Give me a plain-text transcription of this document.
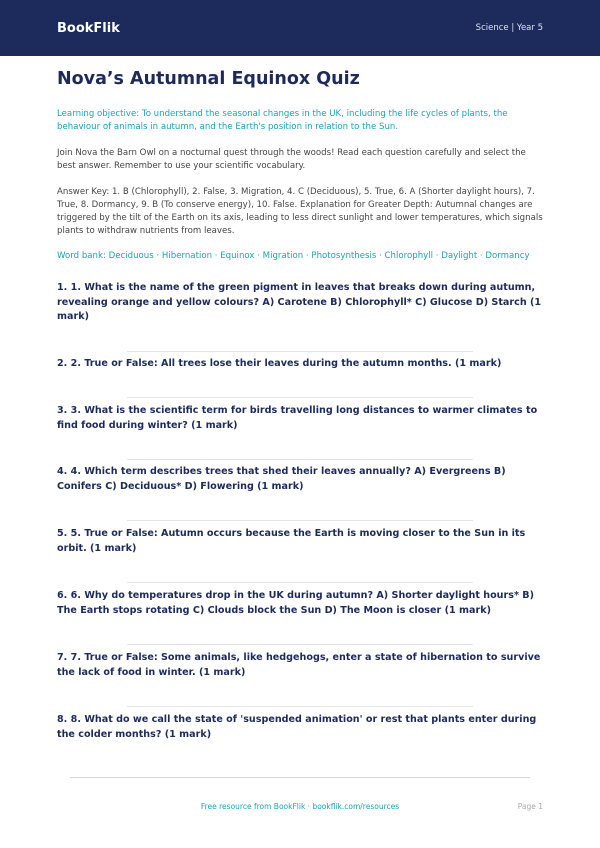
BookFlik	Science | Year 5
Nova’s Autumnal Equinox Quiz

Learning objective: To understand the seasonal changes in the UK, including the life cycles of plants, the behaviour of animals in autumn, and the Earth's position in relation to the Sun.

Join Nova the Barn Owl on a nocturnal quest through the woods! Read each question carefully and select the best answer. Remember to use your scientific vocabulary.

Answer Key: 1. B (Chlorophyll), 2. False, 3. Migration, 4. C (Deciduous), 5. True, 6. A (Shorter daylight hours), 7. True, 8. Dormancy, 9. B (To conserve energy), 10. False. Explanation for Greater Depth: Autumnal changes are triggered by the tilt of the Earth on its axis, leading to less direct sunlight and lower temperatures, which signals plants to withdraw nutrients from leaves.

Word bank: Deciduous · Hibernation · Equinox · Migration · Photosynthesis · Chlorophyll · Daylight · Dormancy

1. 1. What is the name of the green pigment in leaves that breaks down during autumn, revealing orange and yellow colours? A) Carotene B) Chlorophyll* C) Glucose D) Starch (1 mark)

2. 2. True or False: All trees lose their leaves during the autumn months. (1 mark)

3. 3. What is the scientific term for birds travelling long distances to warmer climates to find food during winter? (1 mark)

4. 4. Which term describes trees that shed their leaves annually? A) Evergreens B) Conifers C) Deciduous* D) Flowering (1 mark)

5. 5. True or False: Autumn occurs because the Earth is moving closer to the Sun in its orbit. (1 mark)

6. 6. Why do temperatures drop in the UK during autumn? A) Shorter daylight hours* B) The Earth stops rotating C) Clouds block the Sun D) The Moon is closer (1 mark)

7. 7. True or False: Some animals, like hedgehogs, enter a state of hibernation to survive the lack of food in winter. (1 mark)

8. 8. What do we call the state of 'suspended animation' or rest that plants enter during the colder months? (1 mark)

Free resource from BookFlik · bookflik.com/resources	Page 1
